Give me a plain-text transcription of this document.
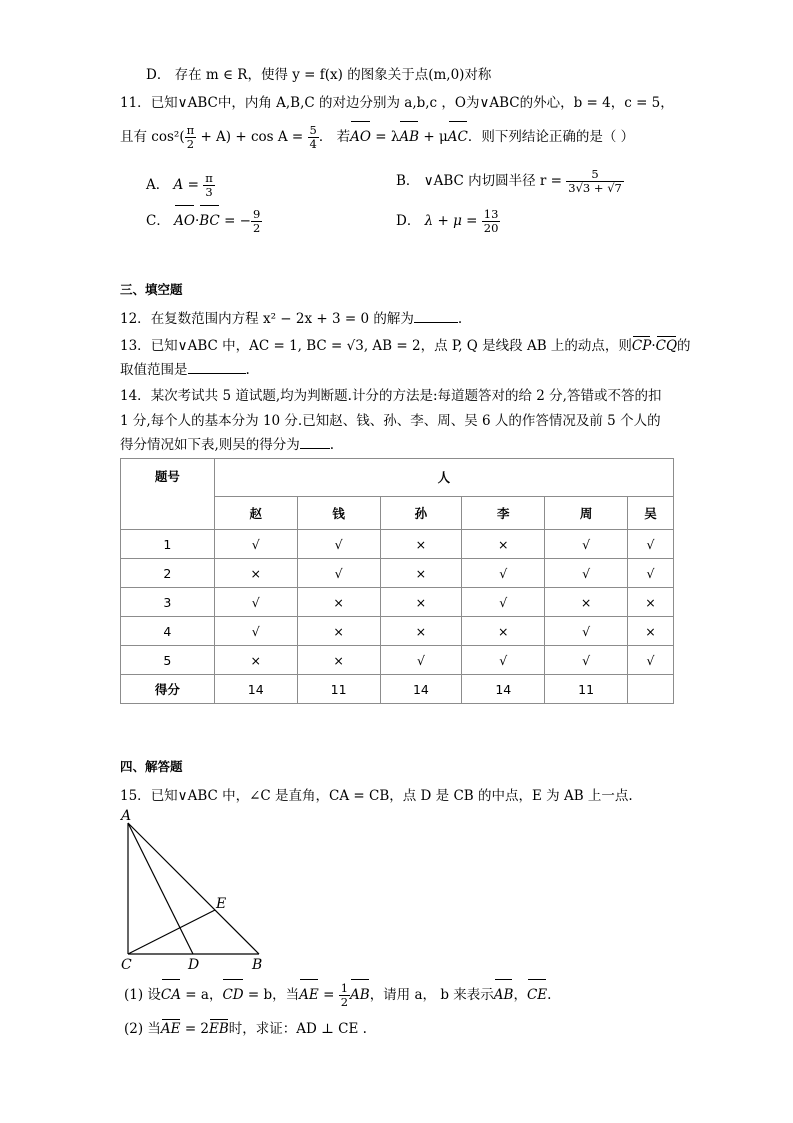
D． 存在 m ∈ R，使得 y = f(x) 的图象关于点(m,0)对称
11．已知∨ABC中，内角 A,B,C 的对边分别为 a,b,c ，O为∨ABC的外心，b = 4，c = 5，
且有 $\cos^2( \frac{\pi}{2} + A) + \cos A = \frac{5}{4}$ ． 若AO = λAB + μAC．则下列结论正确的是（ ）
A． $A = \frac{\pi}{3}$	B． ∨ABC 内切圆半径 $r = \frac{5}{3√3 + √7}$
C． AO·BC = − $\frac{9}{2}$	D． $\lambda + \mu = \frac{13}{20}$
三、填空题
12．在复数范围内方程 x² − 2x + 3 = 0 的解为	.
13．已知∨ABC 中，AC = 1, BC = √3, AB = 2，点 P, Q 是线段 AB 上的动点，则CP·CQ的
取值范围是	.
14．某次考试共 5 道试题,均为判断题.计分的方法是:每道题答对的给 2 分,答错或不答的扣
1 分,每个人的基本分为 10 分.已知赵、钱、孙、李、周、吴 6 人的作答情况及前 5 个人的
得分情况如下表,则吴的得分为 .
题号	人					
	赵	钱	孙	李	周	吴
1	√	√	×	×	√	√
2	×	√	×	√	√	√
3	√	×	×	√	×	×
4	√	×	×	×	√	×
5	×	×	√	√	√	√
得分	14	11	14	14	11	
四、解答题
15．已知∨ABC 中，∠C 是直角，CA = CB，点 D 是 CB 的中点，E 为 AB 上一点.
A
C	D	B
E
(1) 设CA = a，CD = b，当AE = $\frac{1}{2}$ AB，请用 a， b 来表示AB，CE.
(2) 当AE = 2EB时，求证：AD ⊥ CE .
